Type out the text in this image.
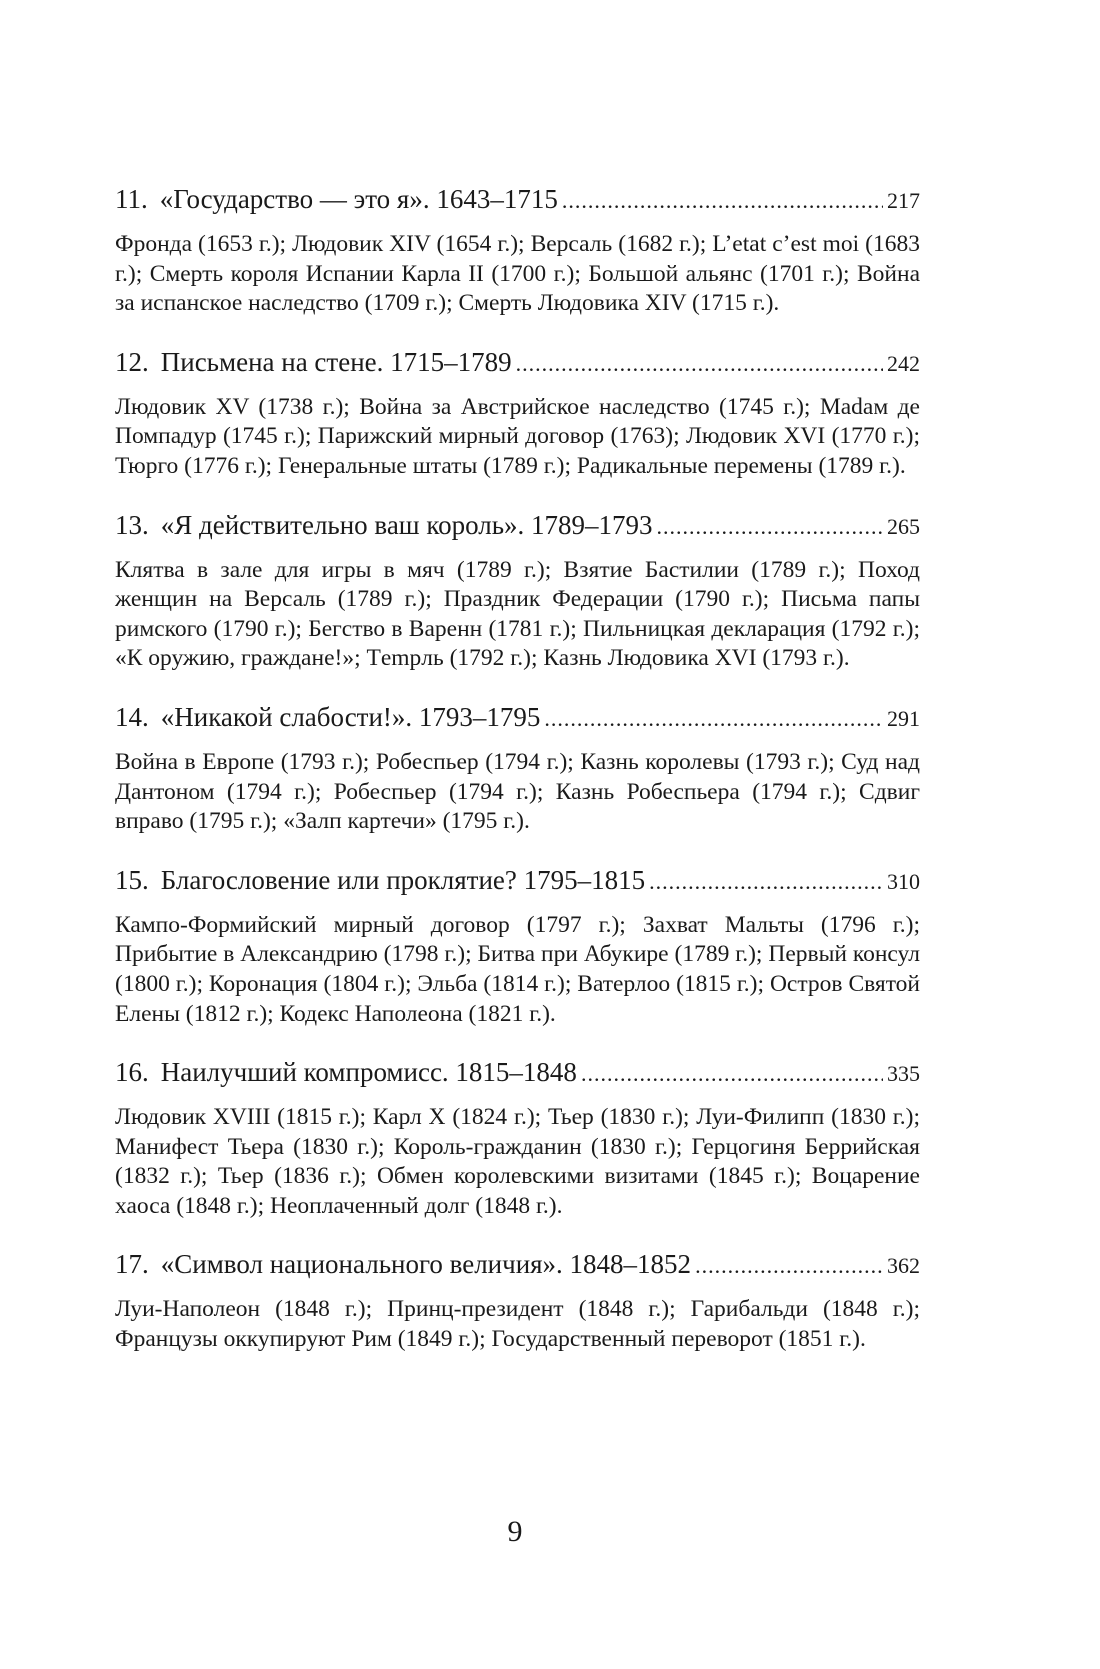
11. «Государство — это я». 1643–1715 .....	217
Фронда (1653 г.); Людовик XIV (1654 г.); Версаль (1682 г.); L’etat c’est moi (1683 г.); Смерть короля Испании Карла II (1700 г.); Большой альянс (1701 г.); Война за испанское наследство (1709 г.); Смерть Людовика XIV (1715 г.).
12. Письмена на стене. 1715–1789 .....	242
Людовик XV (1738 г.); Война за Австрийское наследство (1745 г.); Маdам де Помпадур (1745 г.); Парижский мирный договор (1763); Людовик XVI (1770 г.); Тюрго (1776 г.); Генеральные штаты (1789 г.); Радикальные перемены (1789 г.).
13. «Я действительно ваш король». 1789–1793 .....	265
Клятва в зале для игры в мяч (1789 г.); Взятие Бастилии (1789 г.); Поход женщин на Версаль (1789 г.); Праздник Федерации (1790 г.); Письма папы римского (1790 г.); Бегство в Варенн (1781 г.); Пильницкая декларация (1792 г.); «К оружию, граждане!»; Тempль (1792 г.); Казнь Людовика XVI (1793 г.).
14. «Никакой слабости!». 1793–1795 .....	291
Война в Европе (1793 г.); Робеспьер (1794 г.); Казнь королевы (1793 г.); Суд над Дантоном (1794 г.); Робеспьер (1794 г.); Казнь Робеспьера (1794 г.); Сдвиг вправо (1795 г.); «Залп картечи» (1795 г.).
15. Благословение или проклятие? 1795–1815 .....	310
Кампо-Формийский мирный договор (1797 г.); Захват Мальты (1796 г.); Прибытие в Александрию (1798 г.); Битва при Абукире (1789 г.); Первый консул (1800 г.); Коронация (1804 г.); Эльба (1814 г.); Ватерлоо (1815 г.); Остров Святой Елены (1812 г.); Кодекс Наполеона (1821 г.).
16. Наилучший компромисс. 1815–1848 .....	335
Людовик XVIII (1815 г.); Карл X (1824 г.); Тьер (1830 г.); Луи-Филипп (1830 г.); Манифест Тьера (1830 г.); Король-гражданин (1830 г.); Герцогиня Беррийская (1832 г.); Тьер (1836 г.); Обмен королевскими визитами (1845 г.); Воцарение хаоса (1848 г.); Неоплаченный долг (1848 г.).
17. «Символ национального величия». 1848–1852 .....	362
Луи-Наполеон (1848 г.); Принц-президент (1848 г.); Гарибальди (1848 г.); Французы оккупируют Рим (1849 г.); Государственный переворот (1851 г.).
9
